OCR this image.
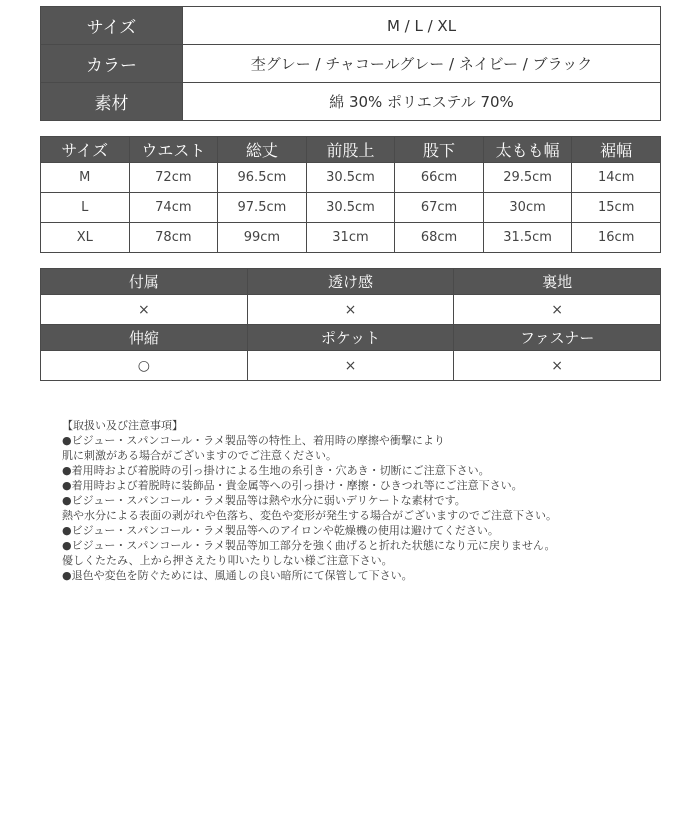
サイズ	M / L / XL
カラー	杢グレー / チャコールグレー / ネイビー / ブラック
素材	綿 30% ポリエステル 70%
サイズ	ウエスト	総丈	前股上	股下	太もも幅	裾幅
M	72cm	96.5cm	30.5cm	66cm	29.5cm	14cm
L	74cm	97.5cm	30.5cm	67cm	30cm	15cm
XL	78cm	99cm	31cm	68cm	31.5cm	16cm
付属	透け感	裏地
×	×	×
伸縮	ポケット	ファスナー
○	×	×
【取扱い及び注意事項】
●ビジュー・スパンコール・ラメ製品等の特性上、着用時の摩擦や衝撃により
肌に刺激がある場合がございますのでご注意ください。
●着用時および着脱時の引っ掛けによる生地の糸引き・穴あき・切断にご注意下さい。
●着用時および着脱時に装飾品・貴金属等への引っ掛け・摩擦・ひきつれ等にご注意下さい。
●ビジュー・スパンコール・ラメ製品等は熱や水分に弱いデリケートな素材です。
熱や水分による表面の剥がれや色落ち、変色や変形が発生する場合がございますのでご注意下さい。
●ビジュー・スパンコール・ラメ製品等へのアイロンや乾燥機の使用は避けてください。
●ビジュー・スパンコール・ラメ製品等加工部分を強く曲げると折れた状態になり元に戻りません。
優しくたたみ、上から押さえたり叩いたりしない様ご注意下さい。
●退色や変色を防ぐためには、風通しの良い暗所にて保管して下さい。
